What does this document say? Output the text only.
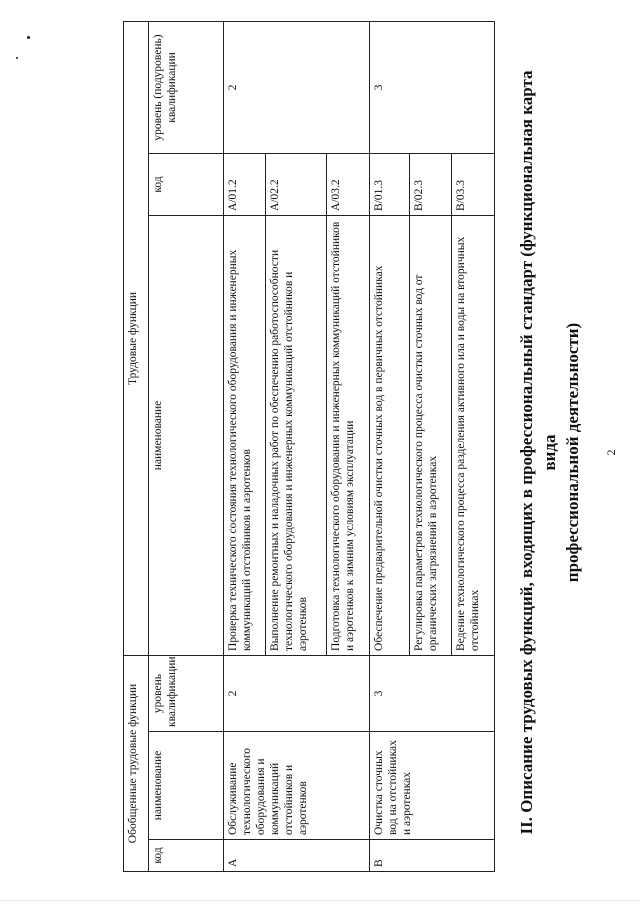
2
II. Описание трудовых функций, входящих в профессиональный стандарт (функциональная карта вида профессиональной деятельности)
Обобщенные трудовые функции			Трудовые функции		
код	наименование	уровень квалификации	наименование	код	уровень (подуровень) квалификации
A	Обслуживание технологического оборудования и коммуникаций отстойников и аэротенков	2	Проверка технического состояния технологического оборудования и инженерных коммуникаций отстойников и аэротенков	A/01.2	2
			Выполнение ремонтных и наладочных работ по обеспечению работоспособности технологического оборудования и инженерных коммуникаций отстойников и аэротенков	A/02.2	
			Подготовка технологического оборудования и инженерных коммуникаций отстойников и аэротенков к зимним условиям эксплуатации	A/03.2	
B	Очистка сточных вод на отстойниках и аэротенках	3	Обеспечение предварительной очистки сточных вод в первичных отстойниках	B/01.3	3
			Регулировка параметров технологического процесса очистки сточных вод от органических загрязнений в аэротенках	B/02.3	
			Ведение технологического процесса разделения активного ила и воды на вторичных отстойниках	B/03.3	
